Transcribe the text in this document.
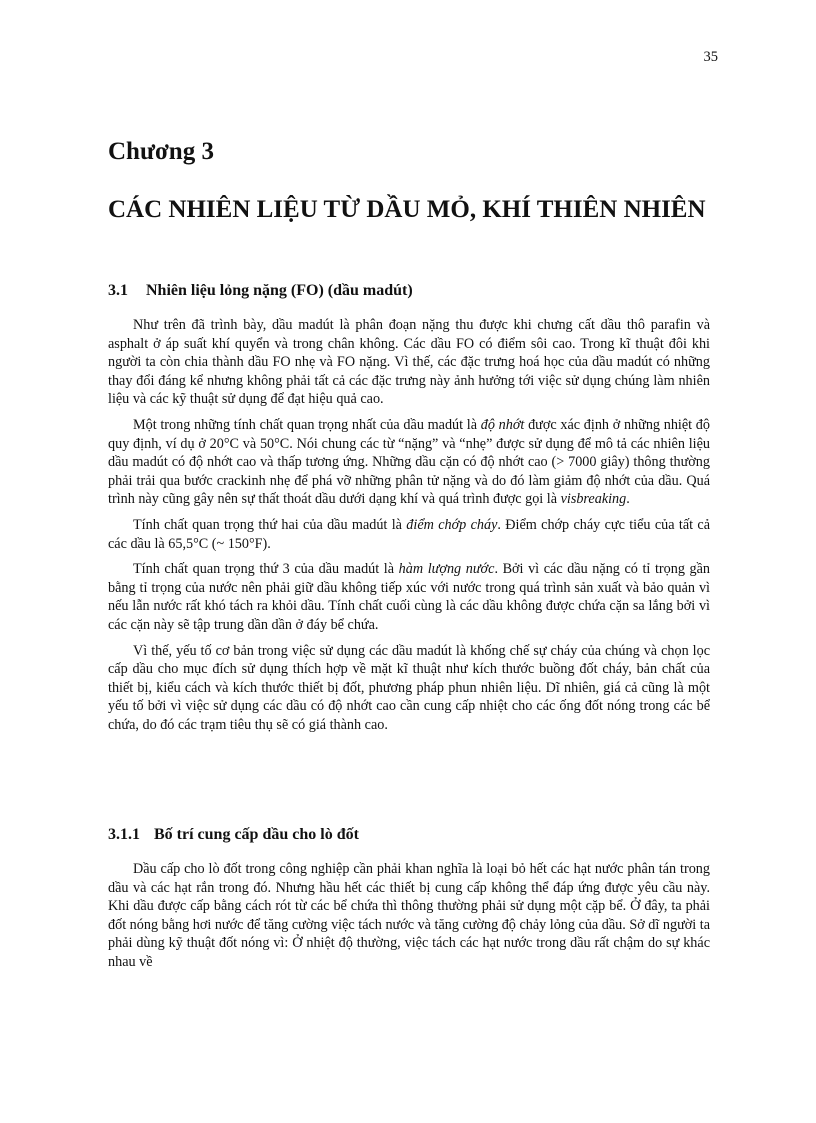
35
Chương 3
CÁC NHIÊN LIỆU TỪ DẦU MỎ, KHÍ THIÊN NHIÊN
3.1 Nhiên liệu lỏng nặng (FO) (dầu madút)

Như trên đã trình bày, dầu madút là phân đoạn nặng thu được khi chưng cất dầu thô parafin và asphalt ở áp suất khí quyển và trong chân không. Các dầu FO có điểm sôi cao. Trong kĩ thuật đôi khi người ta còn chia thành dầu FO nhẹ và FO nặng. Vì thế, các đặc trưng hoá học của dầu madút có những thay đổi đáng kể nhưng không phải tất cả các đặc trưng này ảnh hưởng tới việc sử dụng chúng làm nhiên liệu và các kỹ thuật sử dụng để đạt hiệu quả cao.

Một trong những tính chất quan trọng nhất của dầu madút là độ nhớt được xác định ở những nhiệt độ quy định, ví dụ ở 20°C và 50°C. Nói chung các từ “nặng” và “nhẹ” được sử dụng để mô tả các nhiên liệu dầu madút có độ nhớt cao và thấp tương ứng. Những dầu cặn có độ nhớt cao (> 7000 giây) thông thường phải trải qua bước crackinh nhẹ để phá vỡ những phân tử nặng và do đó làm giảm độ nhớt của dầu. Quá trình này cũng gây nên sự thất thoát dầu dưới dạng khí và quá trình được gọi là visbreaking.

Tính chất quan trọng thứ hai của dầu madút là điểm chớp cháy. Điểm chớp cháy cực tiểu của tất cả các dầu là 65,5°C (~ 150°F).

Tính chất quan trọng thứ 3 của dầu madút là hàm lượng nước. Bởi vì các dầu nặng có tỉ trọng gần bằng tỉ trọng của nước nên phải giữ dầu không tiếp xúc với nước trong quá trình sản xuất và bảo quản vì nếu lẫn nước rất khó tách ra khỏi dầu. Tính chất cuối cùng là các dầu không được chứa cặn sa lắng bởi vì các cặn này sẽ tập trung dần dần ở đáy bể chứa.

Vì thế, yếu tố cơ bản trong việc sử dụng các dầu madút là khống chế sự cháy của chúng và chọn lọc cấp dầu cho mục đích sử dụng thích hợp về mặt kĩ thuật như kích thước buồng đốt cháy, bản chất của thiết bị, kiểu cách và kích thước thiết bị đốt, phương pháp phun nhiên liệu. Dĩ nhiên, giá cả cũng là một yếu tố bởi vì việc sử dụng các dầu có độ nhớt cao cần cung cấp nhiệt cho các ống đốt nóng trong các bể chứa, do đó các trạm tiêu thụ sẽ có giá thành cao.

3.1.1 Bố trí cung cấp dầu cho lò đốt

Dầu cấp cho lò đốt trong công nghiệp cần phải khan nghĩa là loại bỏ hết các hạt nước phân tán trong dầu và các hạt rắn trong đó. Nhưng hầu hết các thiết bị cung cấp không thể đáp ứng được yêu cầu này. Khi dầu được cấp bằng cách rót từ các bể chứa thì thông thường phải sử dụng một cặp bể. Ở đây, ta phải đốt nóng bằng hơi nước để tăng cường việc tách nước và tăng cường độ chảy lỏng của dầu. Sở dĩ người ta phải dùng kỹ thuật đốt nóng vì: Ở nhiệt độ thường, việc tách các hạt nước trong dầu rất chậm do sự khác nhau về
